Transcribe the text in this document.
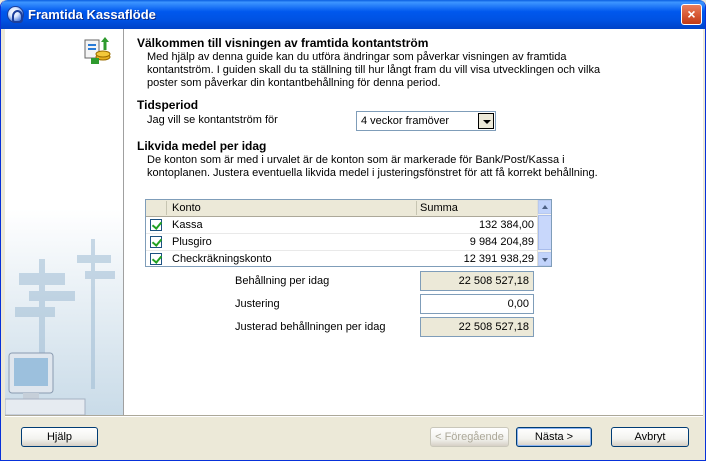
Framtida Kassaflöde	×
Välkommen till visningen av framtida kontantström
Med hjälp av denna guide kan du utföra ändringar som påverkar visningen av framtida
kontantström. I guiden skall du ta ställning till hur långt fram du vill visa utvecklingen och vilka
poster som påverkar din kontantbehållning för denna period.
Tidsperiod
Jag vill se kontantström för	4 veckor framöver
Likvida medel per idag
De konton som är med i urvalet är de konton som är markerade för Bank/Post/Kassa i
kontoplanen. Justera eventuella likvida medel i justeringsfönstret för att få korrekt behållning.
Konto	Summa
Kassa	132 384,00
Plusgiro	9 984 204,89
Checkräkningskonto	12 391 938,29
Behållning per idag	22 508 527,18
Justering	0,00
Justerad behållningen per idag	22 508 527,18
Hjälp	< Föregående	Nästa >	Avbryt
